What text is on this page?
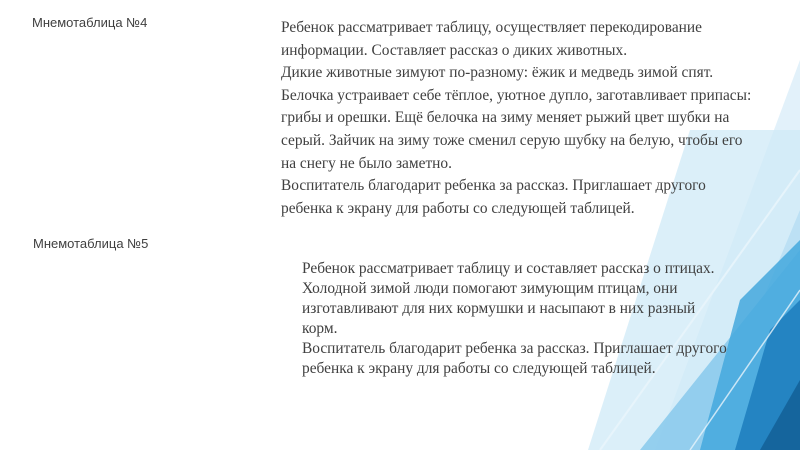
Мнемотаблица №4	Ребенок рассматривает таблицу, осуществляет перекодирование
информации. Составляет рассказ о диких животных.
Дикие животные зимуют по-разному: ёжик и медведь зимой спят.
Белочка устраивает себе тёплое, уютное дупло, заготавливает припасы:
грибы и орешки. Ещё белочка на зиму меняет рыжий цвет шубки на
серый. Зайчик на зиму тоже сменил серую шубку на белую, чтобы его
на снегу не было заметно.
Воспитатель благодарит ребенка за рассказ. Приглашает другого
ребенка к экрану для работы со следующей таблицей.
Мнемотаблица №5
Ребенок рассматривает таблицу и составляет рассказ о птицах.
Холодной зимой люди помогают зимующим птицам, они
изготавливают для них кормушки и насыпают в них разный
корм.
Воспитатель благодарит ребенка за рассказ. Приглашает другого
ребенка к экрану для работы со следующей таблицей.
